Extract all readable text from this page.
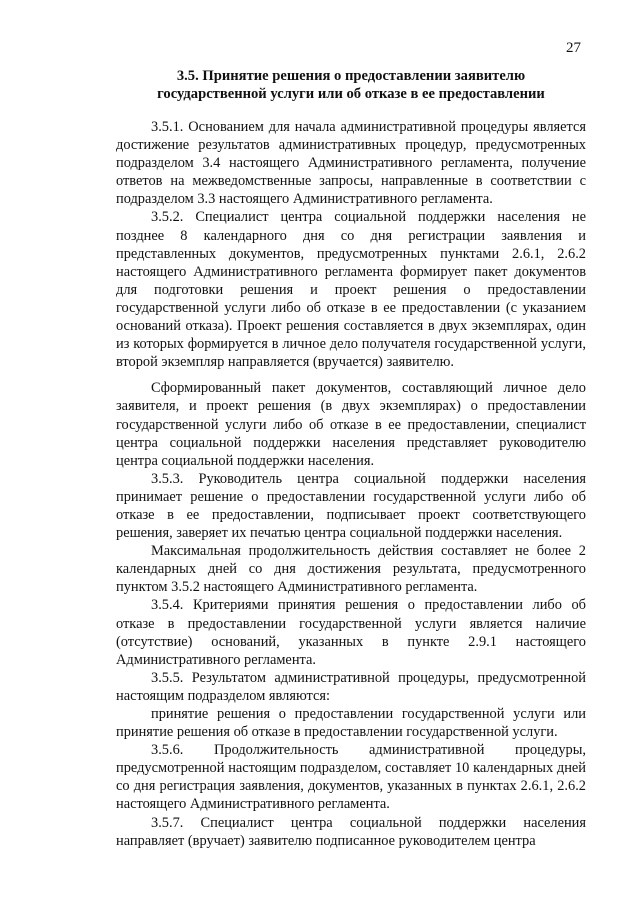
27
3.5. Принятие решения о предоставлении заявителю
государственной услуги или об отказе в ее предоставлении

3.5.1. Основанием для начала административной процедуры является достижение результатов административных процедур, предусмотренных подразделом 3.4 настоящего Административного регламента, получение ответов на межведомственные запросы, направленные в соответствии с подразделом 3.3 настоящего Административного регламента.

3.5.2. Специалист центра социальной поддержки населения не позднее 8 календарного дня со дня регистрации заявления и представленных документов, предусмотренных пунктами 2.6.1, 2.6.2 настоящего Административного регламента формирует пакет документов для подготовки решения и проект решения о предоставлении государственной услуги либо об отказе в ее предоставлении (с указанием оснований отказа). Проект решения составляется в двух экземплярах, один из которых формируется в личное дело получателя государственной услуги, второй экземпляр направляется (вручается) заявителю.

Сформированный пакет документов, составляющий личное дело заявителя, и проект решения (в двух экземплярах) о предоставлении государственной услуги либо об отказе в ее предоставлении, специалист центра социальной поддержки населения представляет руководителю центра социальной поддержки населения.

3.5.3. Руководитель центра социальной поддержки населения принимает решение о предоставлении государственной услуги либо об отказе в ее предоставлении, подписывает проект соответствующего решения, заверяет их печатью центра социальной поддержки населения.

Максимальная продолжительность действия составляет не более 2 календарных дней со дня достижения результата, предусмотренного пунктом 3.5.2 настоящего Административного регламента.

3.5.4. Критериями принятия решения о предоставлении либо об отказе в предоставлении государственной услуги является наличие (отсутствие) оснований, указанных в пункте 2.9.1 настоящего Административного регламента.

3.5.5. Результатом административной процедуры, предусмотренной настоящим подразделом являются:

принятие решения о предоставлении государственной услуги или принятие решения об отказе в предоставлении государственной услуги.

3.5.6. Продолжительность административной процедуры, предусмотренной настоящим подразделом, составляет 10 календарных дней со дня регистрация заявления, документов, указанных в пунктах 2.6.1, 2.6.2 настоящего Административного регламента.

3.5.7. Специалист центра социальной поддержки населения направляет (вручает) заявителю подписанное руководителем центра
